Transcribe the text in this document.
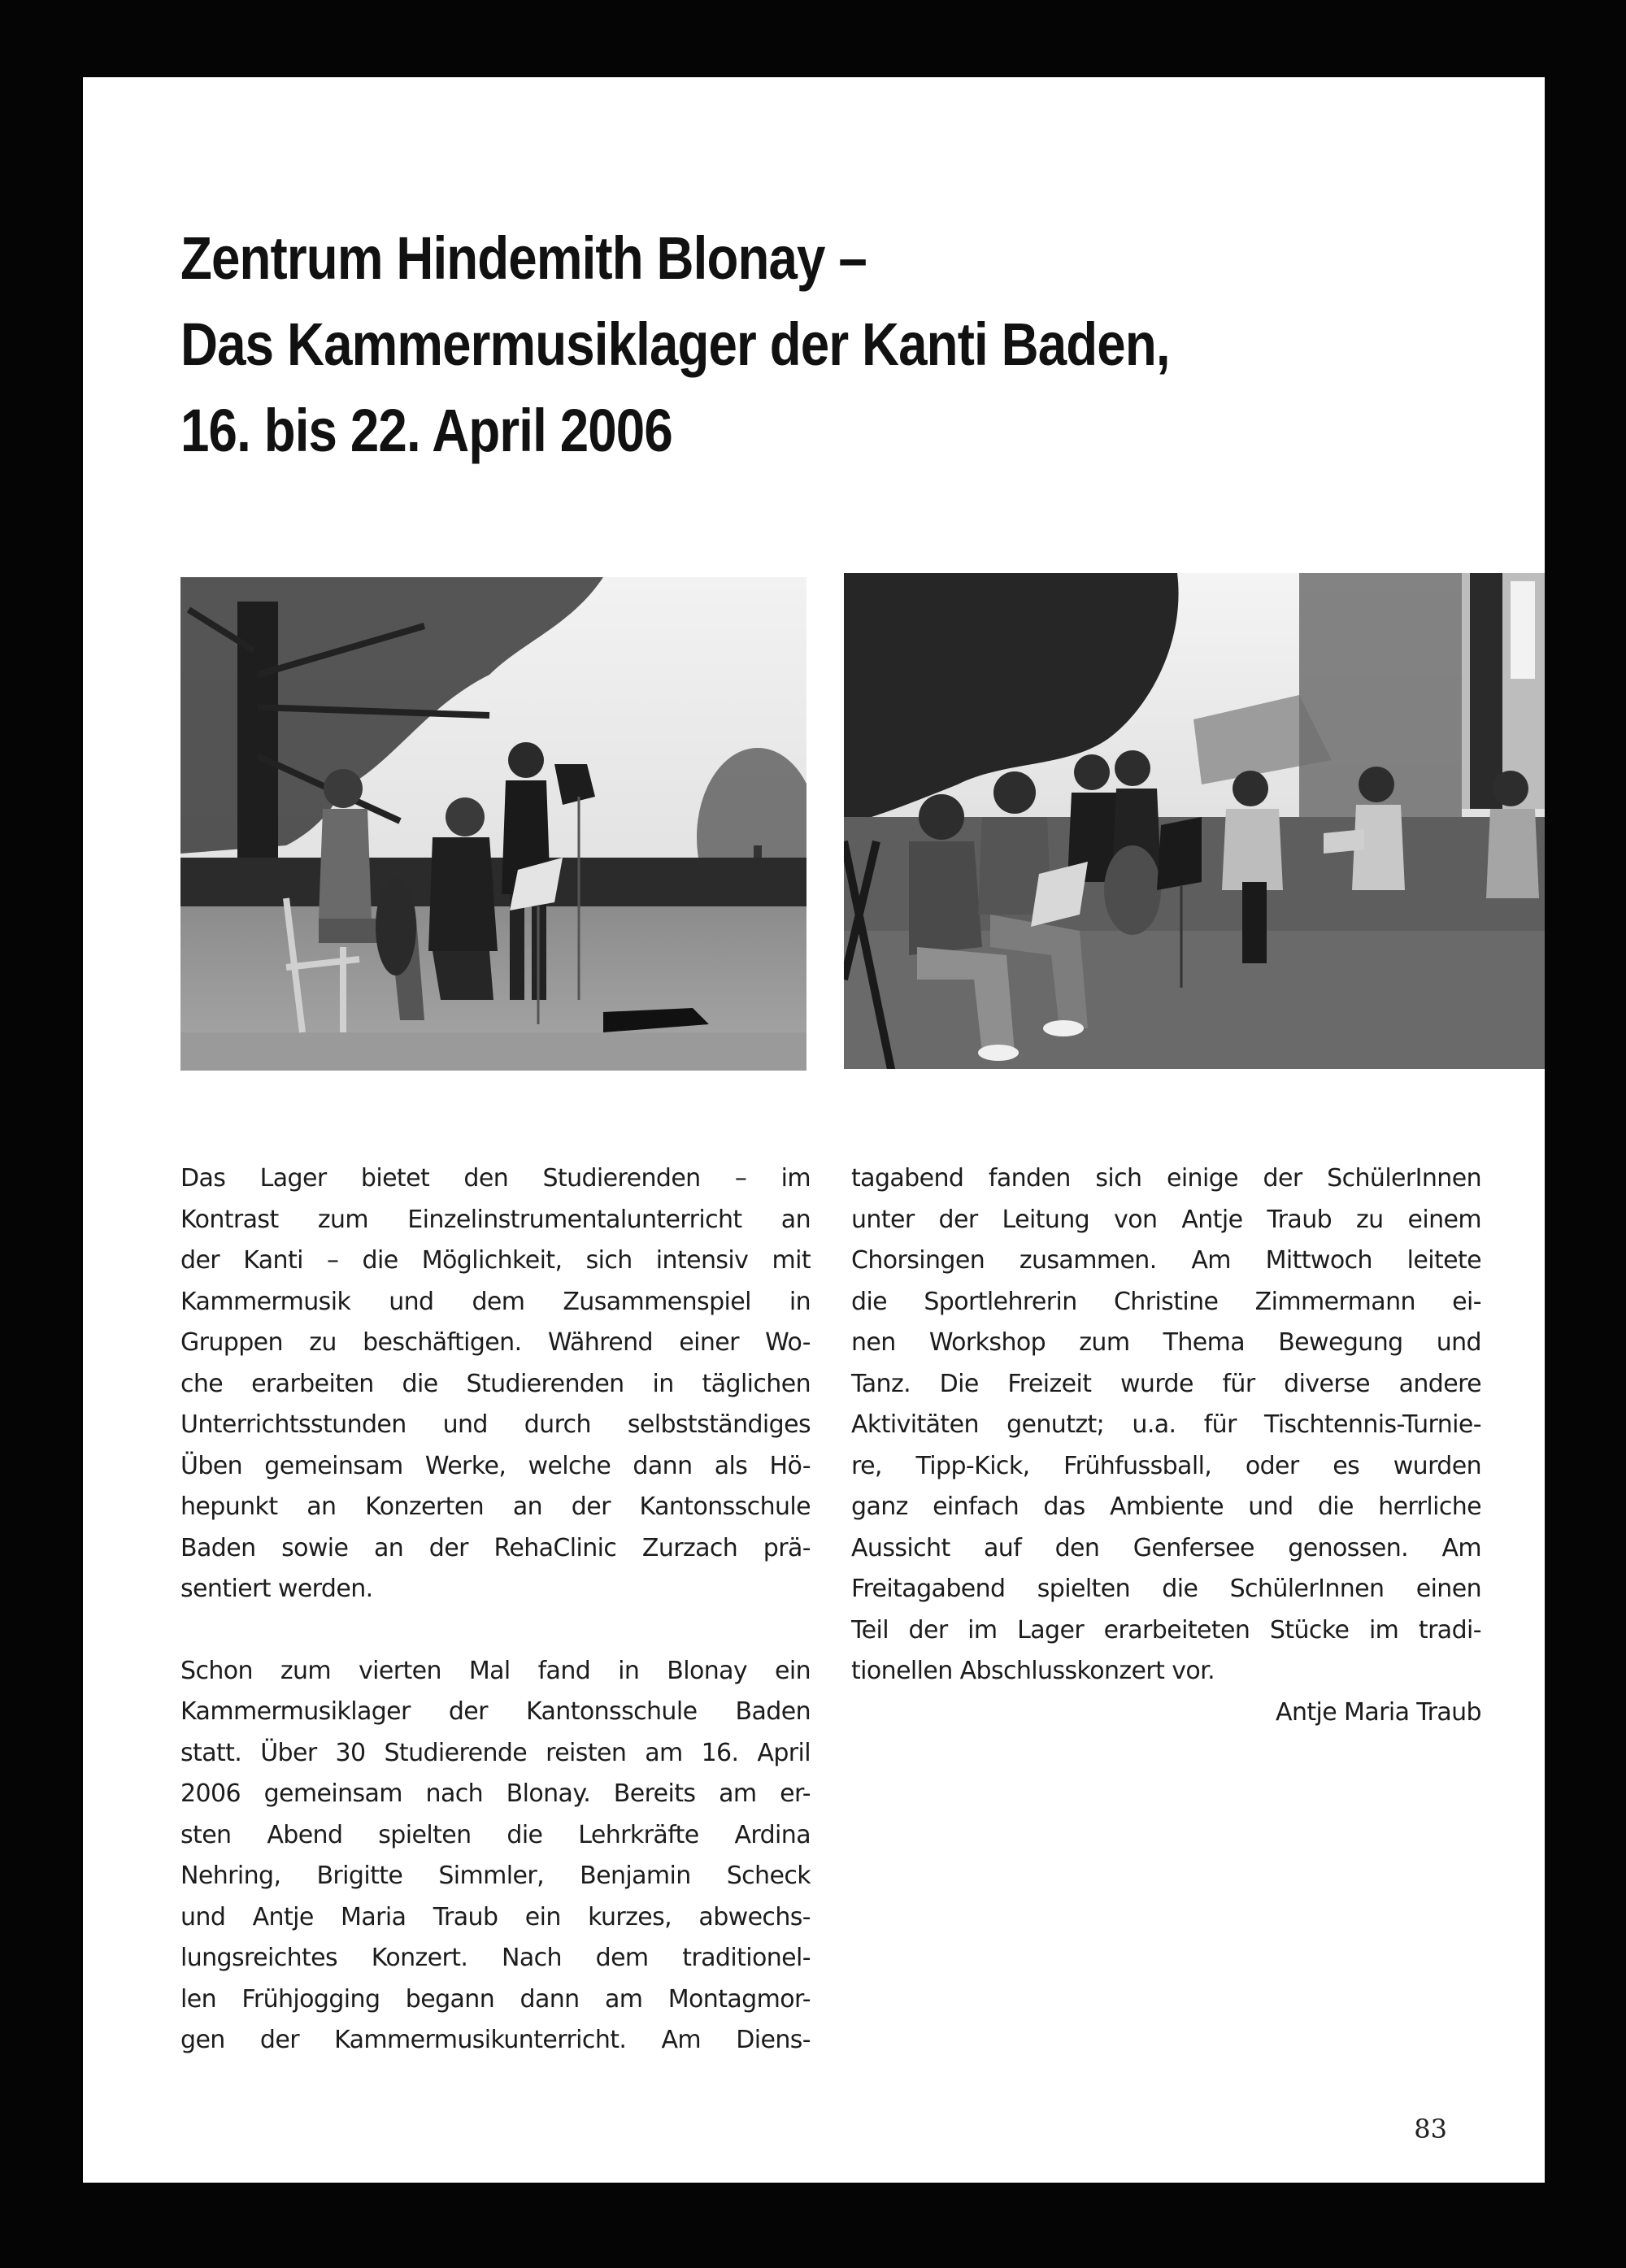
Zentrum Hindemith Blonay –
Das Kammermusiklager der Kanti Baden,
16. bis 22. April 2006

Das Lager bietet den Studierenden – im
Kontrast zum Einzelinstrumentalunterricht an
der Kanti – die Möglichkeit, sich intensiv mit
Kammermusik und dem Zusammenspiel in
Gruppen zu beschäftigen. Während einer Wo-
che erarbeiten die Studierenden in täglichen
Unterrichtsstunden und durch selbstständiges
Üben gemeinsam Werke, welche dann als Hö-
hepunkt an Konzerten an der Kantonsschule
Baden sowie an der RehaClinic Zurzach prä-
sentiert werden.

Schon zum vierten Mal fand in Blonay ein
Kammermusiklager der Kantonsschule Baden
statt. Über 30 Studierende reisten am 16. April
2006 gemeinsam nach Blonay. Bereits am er-
sten Abend spielten die Lehrkräfte Ardina
Nehring, Brigitte Simmler, Benjamin Scheck
und Antje Maria Traub ein kurzes, abwechs-
lungsreichtes Konzert. Nach dem traditionel-
len Frühjogging begann dann am Montagmor-
gen der Kammermusikunterricht. Am Diens-

tagabend fanden sich einige der SchülerInnen
unter der Leitung von Antje Traub zu einem
Chorsingen zusammen. Am Mittwoch leitete
die Sportlehrerin Christine Zimmermann ei-
nen Workshop zum Thema Bewegung und
Tanz. Die Freizeit wurde für diverse andere
Aktivitäten genutzt; u.a. für Tischtennis-Turnie-
re, Tipp-Kick, Frühfussball, oder es wurden
ganz einfach das Ambiente und die herrliche
Aussicht auf den Genfersee genossen. Am
Freitagabend spielten die SchülerInnen einen
Teil der im Lager erarbeiteten Stücke im tradi-
tionellen Abschlusskonzert vor.

Antje Maria Traub
83
